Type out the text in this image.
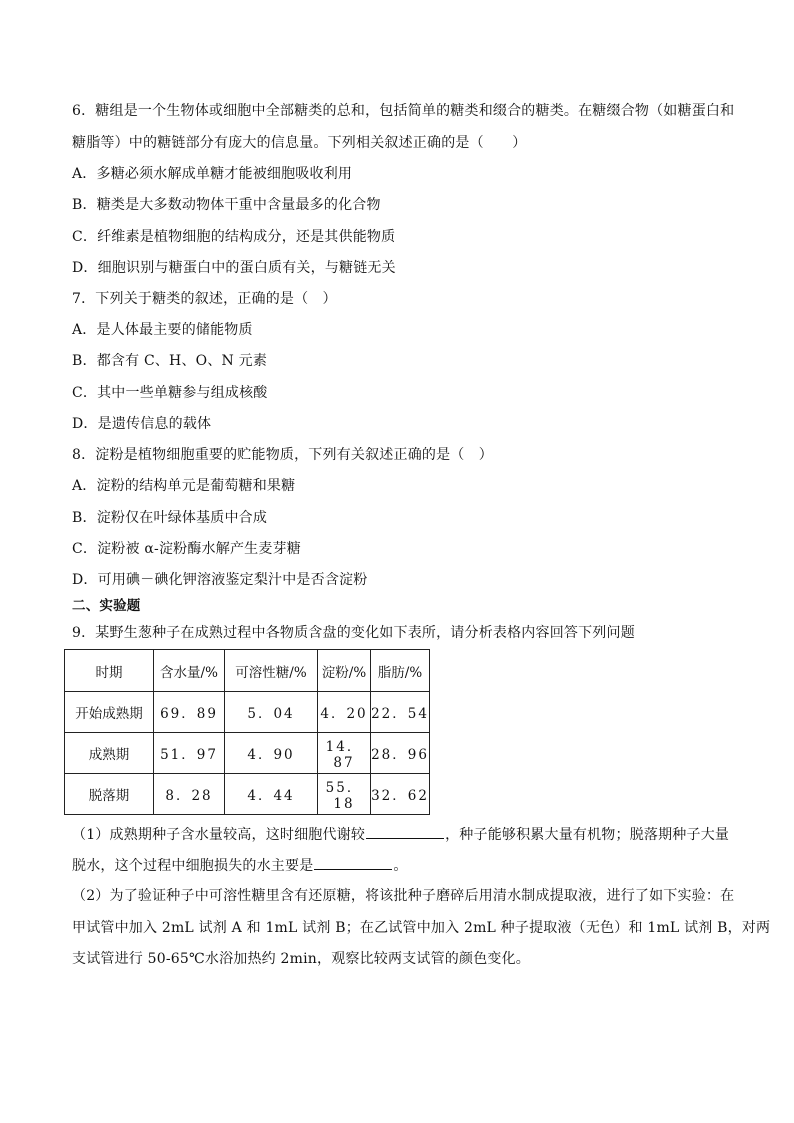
6．糖组是一个生物体或细胞中全部糖类的总和，包括简单的糖类和缀合的糖类。在糖缀合物（如糖蛋白和
糖脂等）中的糖链部分有庞大的信息量。下列相关叙述正确的是（　　）
A．多糖必须水解成单糖才能被细胞吸收利用
B．糖类是大多数动物体干重中含量最多的化合物
C．纤维素是植物细胞的结构成分，还是其供能物质
D．细胞识别与糖蛋白中的蛋白质有关，与糖链无关
7．下列关于糖类的叙述，正确的是（　）
A．是人体最主要的储能物质
B．都含有 C、H、O、N 元素
C．其中一些单糖参与组成核酸
D．是遗传信息的载体
8．淀粉是植物细胞重要的贮能物质，下列有关叙述正确的是（　）
A．淀粉的结构单元是葡萄糖和果糖
B．淀粉仅在叶绿体基质中合成
C．淀粉被 α-淀粉酶水解产生麦芽糖
D．可用碘－碘化钾溶液鉴定梨汁中是否含淀粉
二、实验题
9．某野生葱种子在成熟过程中各物质含盘的变化如下表所，请分析表格内容回答下列问题
时期	含水量/%	可溶性糖/%	淀粉/%	脂肪/%
开始成熟期	69．89	5．04	4．20	22．54
成熟期	51．97	4．90	14．87	28．96
脱落期	8．28	4．44	55．18	32．62
（1）成熟期种子含水量较高，这时细胞代谢较	，种子能够积累大量有机物；脱落期种子大量
脱水，这个过程中细胞损失的水主要是	。
（2）为了验证种子中可溶性糖里含有还原糖，将该批种子磨碎后用清水制成提取液，进行了如下实验：在
甲试管中加入 2mL 试剂 A 和 1mL 试剂 B；在乙试管中加入 2mL 种子提取液（无色）和 1mL 试剂 B，对两
支试管进行 50-65℃水浴加热约 2min，观察比较两支试管的颜色变化。
